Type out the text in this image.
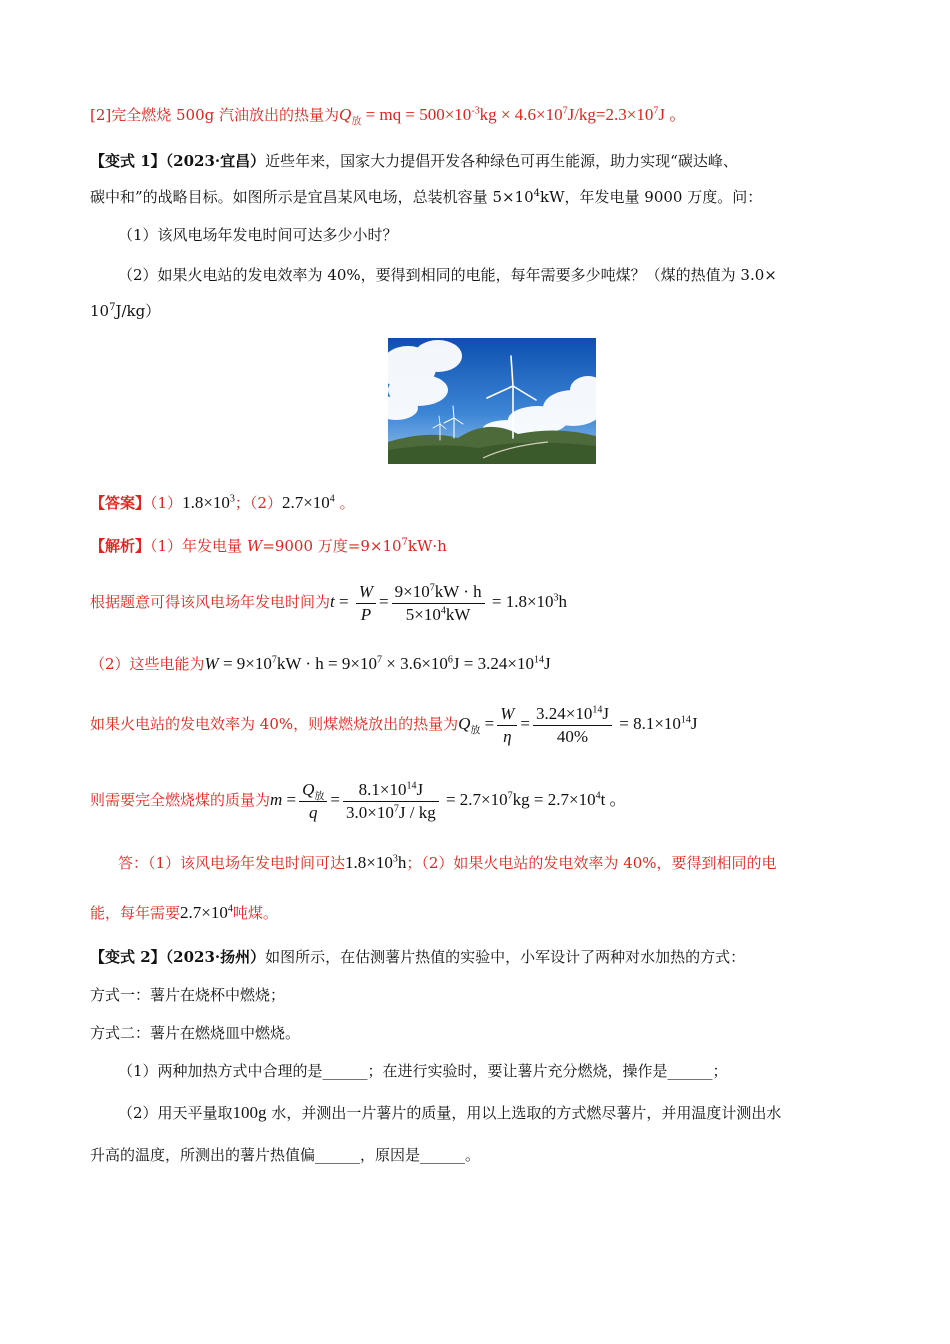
[2]完全燃烧 500g 汽油放出的热量为$Q_放$ = mq = $500\times 10^{-3}kg \times 4.6\times 10^7J/kg=2.3\times 10^7J$ 。
【变式 1】（2023·宜昌）近些年来，国家大力提倡开发各种绿色可再生能源，助力实现“碳达峰、
碳中和”的战略目标。如图所示是宜昌某风电场，总装机容量 $5\times 10^4kW$，年发电量 9000 万度。问：
（1）该风电场年发电时间可达多少小时？
（2）如果火电站的发电效率为 40%，要得到相同的电能，每年需要多少吨煤？（煤的热值为 3.0×
$10^7J/kg$）
【答案】$(1)1.8\times 10^3$；$(2)2.7\times 10^4$ 。
【解析】（1）年发电量 W=9000 万度$=9\times 10^7kW\cdot h$
根据题意可得该风电场年发电时间为$t = \frac{W}{P} = \frac{9\times 10^7kW \cdot h}{5\times 10^4kW} = 1.8\times 10^3h$
（2）这些电能为$W = 9\times 10^7kW \cdot h = 9\times 10^7 \times 3.6\times 10^6J = 3.24\times 10^{14}J$
如果火电站的发电效率为 40%，则煤燃烧放出的热量为$Q_放 = \frac{W}{\eta} = \frac{3.24\times 10^{14}J}{40\%} = 8.1\times 10^{14}J$
则需要完全燃烧煤的质量为$m = \frac{Q_放}{q} = \frac{8.1\times 10^{14}J}{3.0\times 10^7J / kg} = 2.7\times 10^7kg = 2.7\times 10^4t$ 。
答：（1）该风电场年发电时间可达$1.8\times 10^3h$；（2）如果火电站的发电效率为 40%，要得到相同的电
能，每年需要$2.7\times 10^4$吨煤。
【变式 2】（2023·扬州）如图所示，在估测薯片热值的实验中，小军设计了两种对水加热的方式：
方式一：薯片在烧杯中燃烧；
方式二：薯片在燃烧皿中燃烧。
（1）两种加热方式中合理的是______；在进行实验时，要让薯片充分燃烧，操作是______；
（2）用天平量取100g 水，并测出一片薯片的质量，用以上选取的方式燃尽薯片，并用温度计测出水
升高的温度，所测出的薯片热值偏______，原因是______。
